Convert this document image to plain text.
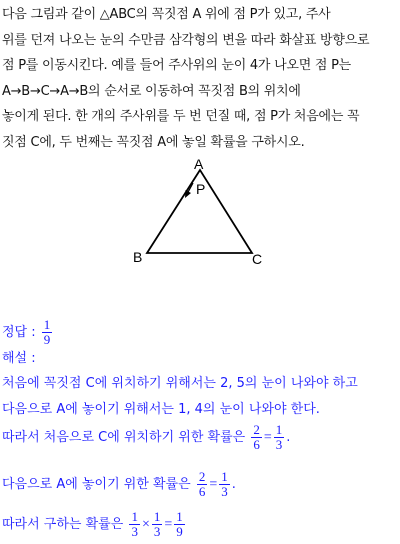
다음 그림과 같이 △ABC의 꼭짓점 A 위에 점 P가 있고, 주사
위를 던져 나오는 눈의 수만큼 삼각형의 변을 따라 화살표 방향으로
점 P를 이동시킨다. 예를 들어 주사위의 눈이 4가 나오면 점 P는
A→B→C→A→B의 순서로 이동하여 꼭짓점 B의 위치에
놓이게 된다. 한 개의 주사위를 두 번 던질 때, 점 P가 처음에는 꼭
짓점 C에, 두 번째는 꼭짓점 A에 놓일 확률을 구하시오.
A
B	C
P
정답 : $\frac{1}{9}$
해설 :
처음에 꼭짓점 C에 위치하기 위해서는 2, 5의 눈이 나와야 하고
다음으로 A에 놓이기 위해서는 1, 4의 눈이 나와야 한다.
따라서 처음으로 C에 위치하기 위한 확률은 $\frac{2}{6} = \frac{1}{3}$ .
다음으로 A에 놓이기 위한 확률은 $\frac{2}{6} = \frac{1}{3}$ .
따라서 구하는 확률은 $\frac{1}{3} \times \frac{1}{3} = \frac{1}{9}$
